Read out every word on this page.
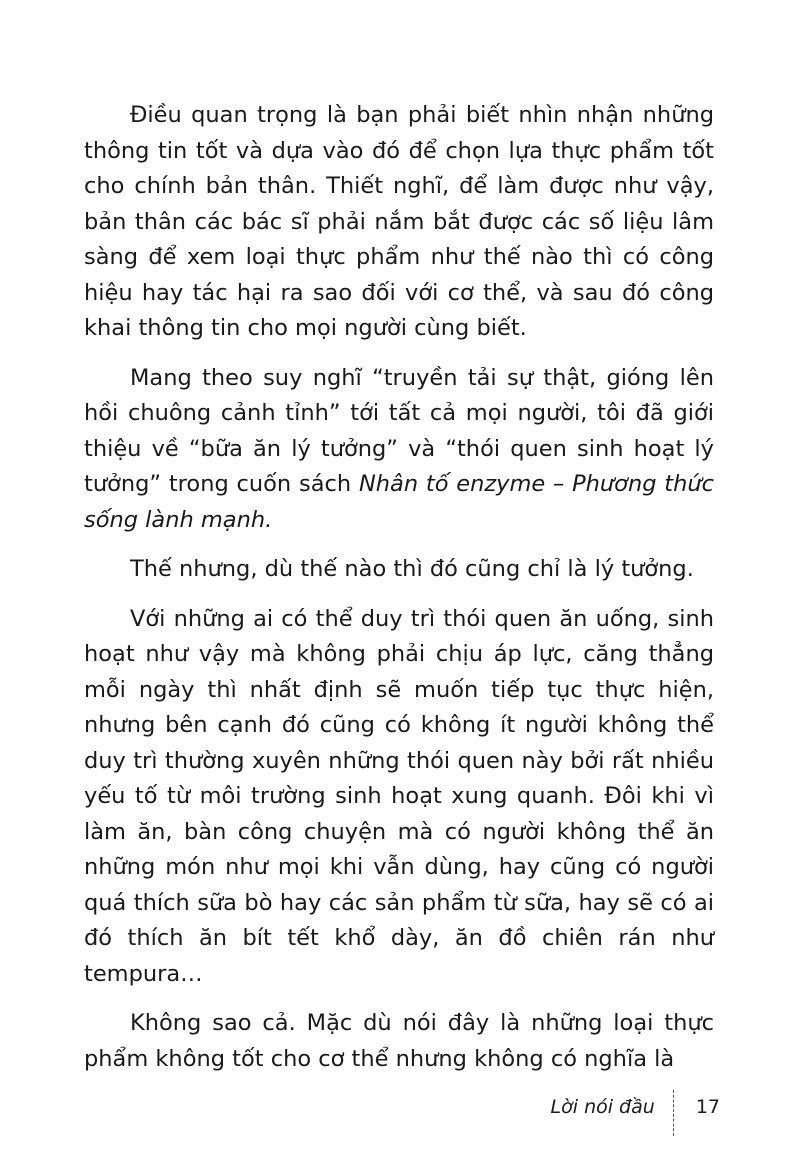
Điều quan trọng là bạn phải biết nhìn nhận những thông tin tốt và dựa vào đó để chọn lựa thực phẩm tốt cho chính bản thân. Thiết nghĩ, để làm được như vậy, bản thân các bác sĩ phải nắm bắt được các số liệu lâm sàng để xem loại thực phẩm như thế nào thì có công hiệu hay tác hại ra sao đối với cơ thể, và sau đó công khai thông tin cho mọi người cùng biết.

Mang theo suy nghĩ “truyền tải sự thật, gióng lên hồi chuông cảnh tỉnh” tới tất cả mọi người, tôi đã giới thiệu về “bữa ăn lý tưởng” và “thói quen sinh hoạt lý tưởng” trong cuốn sách Nhân tố enzyme – Phương thức sống lành mạnh.

Thế nhưng, dù thế nào thì đó cũng chỉ là lý tưởng.

Với những ai có thể duy trì thói quen ăn uống, sinh hoạt như vậy mà không phải chịu áp lực, căng thẳng mỗi ngày thì nhất định sẽ muốn tiếp tục thực hiện, nhưng bên cạnh đó cũng có không ít người không thể duy trì thường xuyên những thói quen này bởi rất nhiều yếu tố từ môi trường sinh hoạt xung quanh. Đôi khi vì làm ăn, bàn công chuyện mà có người không thể ăn những món như mọi khi vẫn dùng, hay cũng có người quá thích sữa bò hay các sản phẩm từ sữa, hay sẽ có ai đó thích ăn bít tết khổ dày, ăn đồ chiên rán như tempura…

Không sao cả. Mặc dù nói đây là những loại thực phẩm không tốt cho cơ thể nhưng không có nghĩa là

Lời nói đầu	17
